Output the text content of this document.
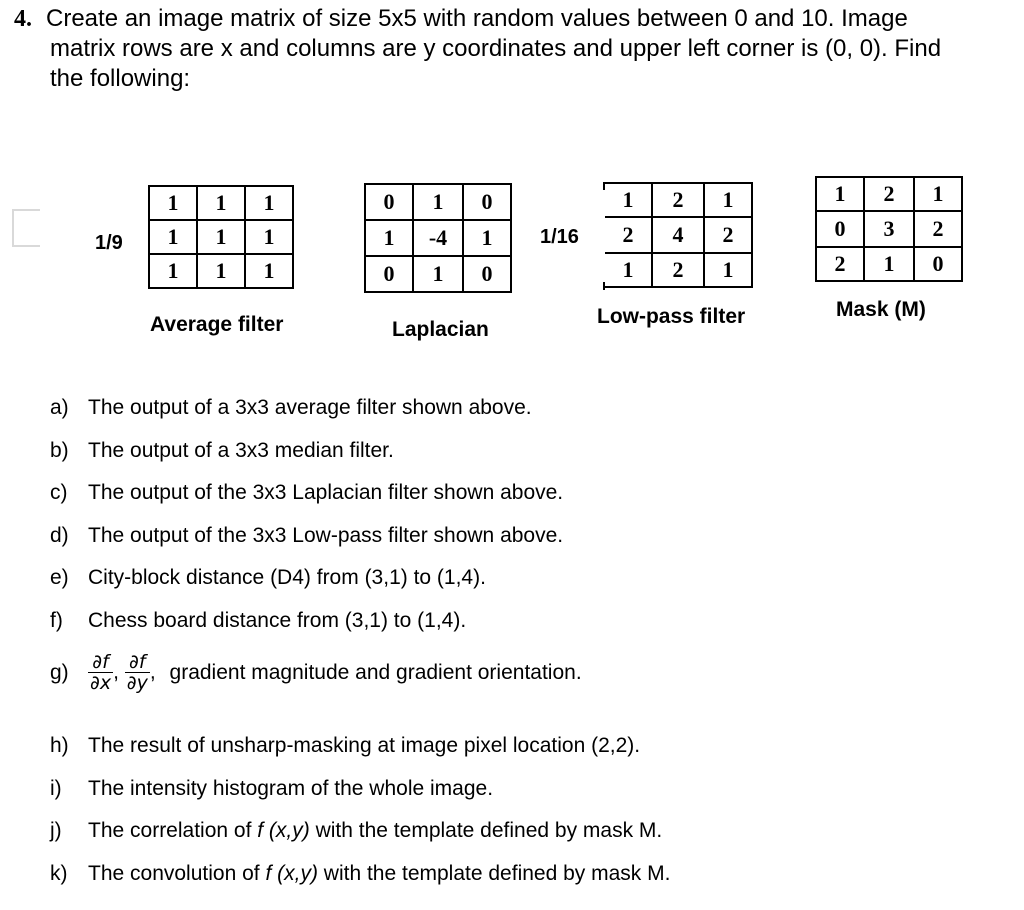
4. Create an image matrix of size 5x5 with random values between 0 and 10. Image
matrix rows are x and columns are y coordinates and upper left corner is (0, 0). Find
the following:
1/9
1	1	1
1	1	1
1	1	1
Average filter
0	1	0
1	-4	1
0	1	0
Laplacian
1/16
1	2	1
2	4	2
1	2	1
Low-pass filter
1	2	1
0	3	2
2	1	0
Mask (M)
a) The output of a 3x3 average filter shown above.
b) The output of a 3x3 median filter.
c) The output of the 3x3 Laplacian filter shown above.
d) The output of the 3x3 Low-pass filter shown above.
e) City-block distance (D4) from (3,1) to (1,4).
f) Chess board distance from (3,1) to (1,4).
$g) \frac{\partial f}{\partial x}$ , $\frac{\partial f}{\partial y}$ , gradient magnitude and gradient orientation.
h) The result of unsharp-masking at image pixel location (2,2).
i) The intensity histogram of the whole image.
j) The correlation of f (x,y) with the template defined by mask M.
k) The convolution of f (x,y) with the template defined by mask M.
